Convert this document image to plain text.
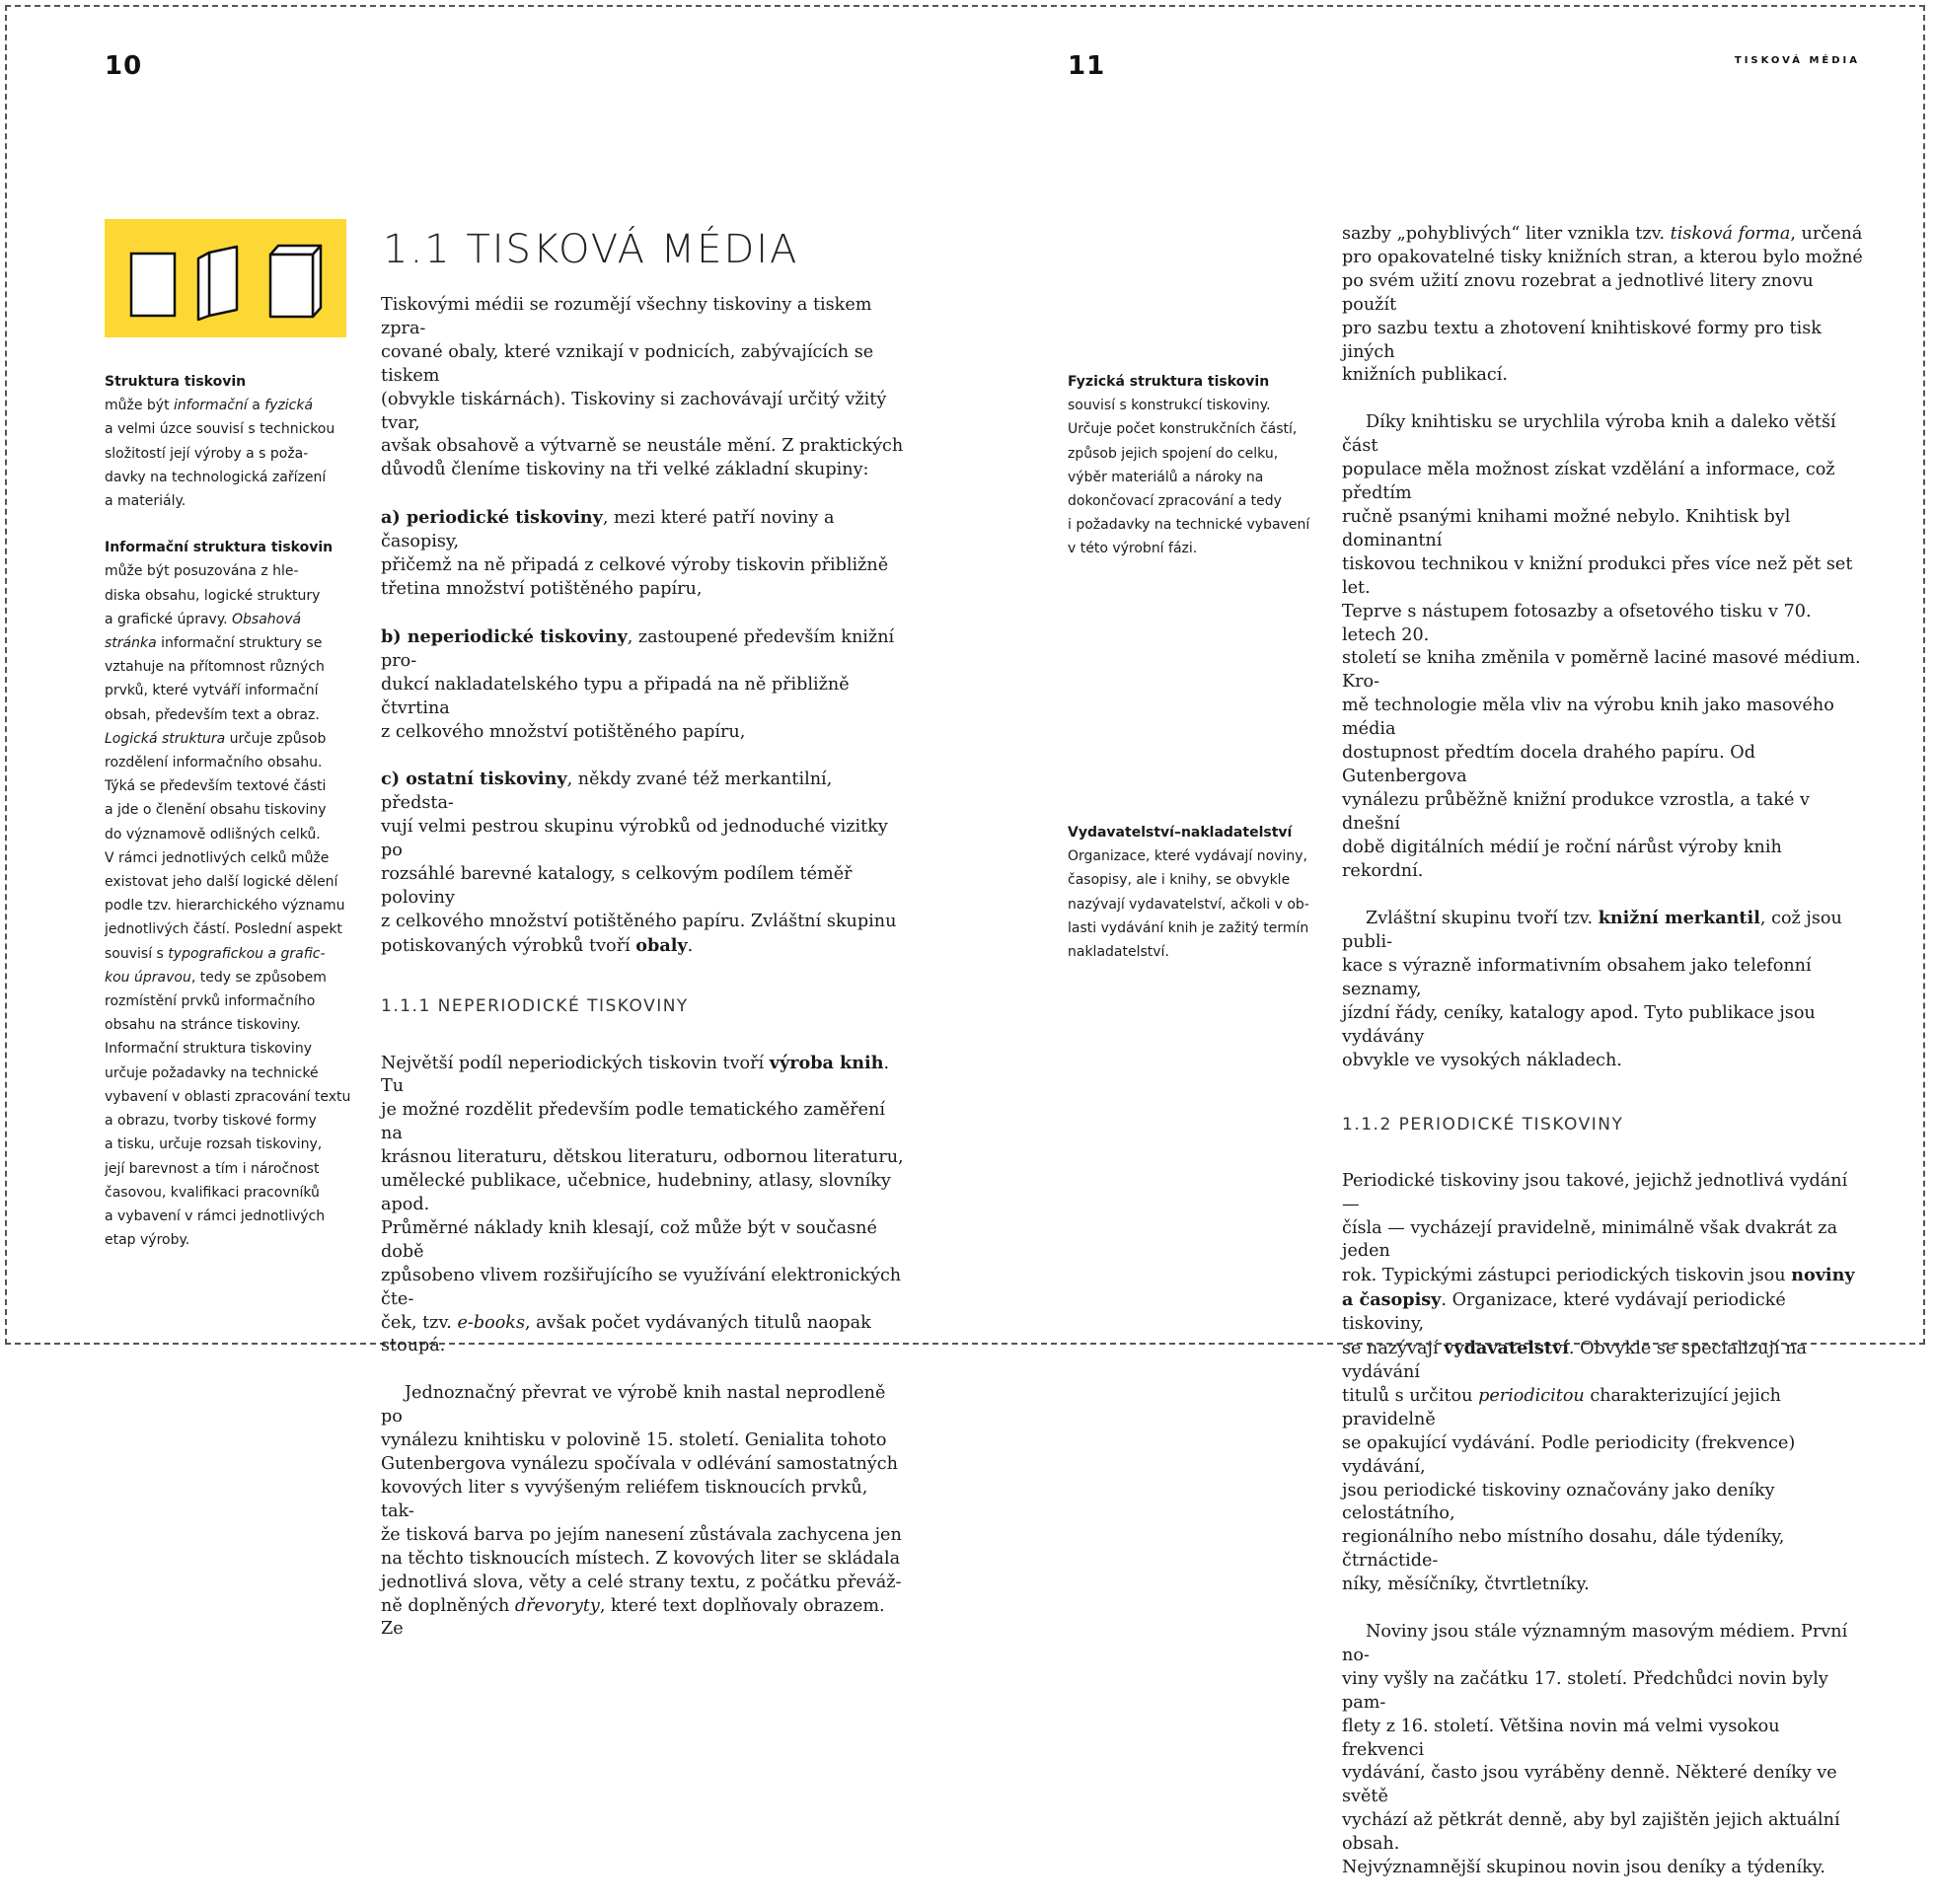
10

Struktura tiskovin
může být informační a fyzická
a velmi úzce souvisí s technickou
složitostí její výroby a s poža-
davky na technologická zařízení
a materiály.

Informační struktura tiskovin
může být posuzována z hle-
diska obsahu, logické struktury
a grafické úpravy. Obsahová
stránka informační struktury se
vztahuje na přítomnost různých
prvků, které vytváří informační
obsah, především text a obraz.
Logická struktura určuje způsob
rozdělení informačního obsahu.
Týká se především textové části
a jde o členění obsahu tiskoviny
do významově odlišných celků.
V rámci jednotlivých celků může
existovat jeho další logické dělení
podle tzv. hierarchického významu
jednotlivých částí. Poslední aspekt
souvisí s typografickou a grafic-
kou úpravou, tedy se způsobem
rozmístění prvků informačního
obsahu na stránce tiskoviny.
Informační struktura tiskoviny
určuje požadavky na technické
vybavení v oblasti zpracování textu
a obrazu, tvorby tiskové formy
a tisku, určuje rozsah tiskoviny,
její barevnost a tím i náročnost
časovou, kvalifikaci pracovníků
a vybavení v rámci jednotlivých
etap výroby.

1.1 TISKOVÁ MÉDIA

Tiskovými médii se rozumějí všechny tiskoviny a tiskem zpra-
cované obaly, které vznikají v podnicích, zabývajících se tiskem
(obvykle tiskárnách). Tiskoviny si zachovávají určitý vžitý tvar,
avšak obsahově a výtvarně se neustále mění. Z praktických
důvodů členíme tiskoviny na tři velké základní skupiny:

a) periodické tiskoviny, mezi které patří noviny a časopisy,
přičemž na ně připadá z celkové výroby tiskovin přibližně
třetina množství potištěného papíru,

b) neperiodické tiskoviny, zastoupené především knižní pro-
dukcí nakladatelského typu a připadá na ně přibližně čtvrtina
z celkového množství potištěného papíru,

c) ostatní tiskoviny, někdy zvané též merkantilní, předsta-
vují velmi pestrou skupinu výrobků od jednoduché vizitky po
rozsáhlé barevné katalogy, s celkovým podílem téměř poloviny
z celkového množství potištěného papíru. Zvláštní skupinu
potiskovaných výrobků tvoří obaly.

1.1.1 NEPERIODICKÉ TISKOVINY

Největší podíl neperiodických tiskovin tvoří výroba knih. Tu
je možné rozdělit především podle tematického zaměření na
krásnou literaturu, dětskou literaturu, odbornou literaturu,
umělecké publikace, učebnice, hudebniny, atlasy, slovníky apod.
Průměrné náklady knih klesají, což může být v současné době
způsobeno vlivem rozšiřujícího se využívání elektronických čte-
ček, tzv. e-books, avšak počet vydávaných titulů naopak stoupá.

Jednoznačný převrat ve výrobě knih nastal neprodleně po
vynálezu knihtisku v polovině 15. století. Genialita tohoto
Gutenbergova vynálezu spočívala v odlévání samostatných
kovových liter s vyvýšeným reliéfem tisknoucích prvků, tak-
že tisková barva po jejím nanesení zůstávala zachycena jen
na těchto tisknoucích místech. Z kovových liter se skládala
jednotlivá slova, věty a celé strany textu, z počátku převáž-
ně doplněných dřevoryty, které text doplňovaly obrazem. Ze

11	TISKOVÁ MÉDIA

Fyzická struktura tiskovin
souvisí s konstrukcí tiskoviny.
Určuje počet konstrukčních částí,
způsob jejich spojení do celku,
výběr materiálů a nároky na
dokončovací zpracování a tedy
i požadavky na technické vybavení
v této výrobní fázi.

Vydavatelství–nakladatelství
Organizace, které vydávají noviny,
časopisy, ale i knihy, se obvykle
nazývají vydavatelství, ačkoli v ob-
lasti vydávání knih je zažitý termín
nakladatelství.

sazby „pohyblivých“ liter vznikla tzv. tisková forma, určená
pro opakovatelné tisky knižních stran, a kterou bylo možné
po svém užití znovu rozebrat a jednotlivé litery znovu použít
pro sazbu textu a zhotovení knihtiskové formy pro tisk jiných
knižních publikací.

Díky knihtisku se urychlila výroba knih a daleko větší část
populace měla možnost získat vzdělání a informace, což předtím
ručně psanými knihami možné nebylo. Knihtisk byl dominantní
tiskovou technikou v knižní produkci přes více než pět set let.
Teprve s nástupem fotosazby a ofsetového tisku v 70. letech 20.
století se kniha změnila v poměrně laciné masové médium. Kro-
mě technologie měla vliv na výrobu knih jako masového média
dostupnost předtím docela drahého papíru. Od Gutenbergova
vynálezu průběžně knižní produkce vzrostla, a také v dnešní
době digitálních médií je roční nárůst výroby knih rekordní.

Zvláštní skupinu tvoří tzv. knižní merkantil, což jsou publi-
kace s výrazně informativním obsahem jako telefonní seznamy,
jízdní řády, ceníky, katalogy apod. Tyto publikace jsou vydávány
obvykle ve vysokých nákladech.

1.1.2 PERIODICKÉ TISKOVINY

Periodické tiskoviny jsou takové, jejichž jednotlivá vydání —
čísla — vycházejí pravidelně, minimálně však dvakrát za jeden
rok. Typickými zástupci periodických tiskovin jsou noviny
a časopisy. Organizace, které vydávají periodické tiskoviny,
se nazývají vydavatelství. Obvykle se specializují na vydávání
titulů s určitou periodicitou charakterizující jejich pravidelně
se opakující vydávání. Podle periodicity (frekvence) vydávání,
jsou periodické tiskoviny označovány jako deníky celostátního,
regionálního nebo místního dosahu, dále týdeníky, čtrnáctide-
níky, měsíčníky, čtvrtletníky.

Noviny jsou stále významným masovým médiem. První no-
viny vyšly na začátku 17. století. Předchůdci novin byly pam-
flety z 16. století. Většina novin má velmi vysokou frekvenci
vydávání, často jsou vyráběny denně. Některé deníky ve světě
vychází až pětkrát denně, aby byl zajištěn jejich aktuální obsah.
Nejvýznamnější skupinou novin jsou deníky a týdeníky.
